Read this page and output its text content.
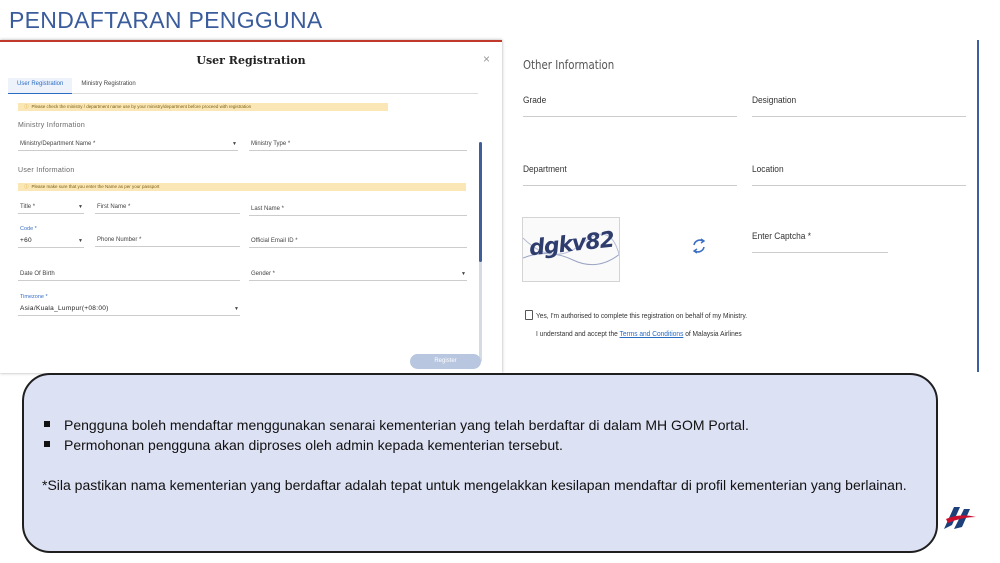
PENDAFTARAN PENGGUNA
User Registration	×
User Registration	Ministry Registration
ⓘ Please check the ministry / department name use by your ministry/department before proceed with registration
Ministry Information
Ministry/Department Name *	▼ Ministry Type *
User Information
ⓘ Please make sure that you enter the Name as per your passport
Title *	▼ First Name *	Last Name *
Code *
+60	▼ Phone Number *	Official Email ID *
Date Of Birth	Gender *	▼
Timezone *
Asia/Kuala_Lumpur(+08:00)	▼
Register
Other Information
Grade	Designation
Department	Location
dgkv82	Enter Captcha *
Yes, I'm authorised to complete this registration on behalf of my Ministry.
I understand and accept the Terms and Conditions of Malaysia Airlines
Pengguna boleh mendaftar menggunakan senarai kementerian yang telah berdaftar di dalam MH GOM Portal.
Permohonan pengguna akan diproses oleh admin kepada kementerian tersebut.
*Sila pastikan nama kementerian yang berdaftar adalah tepat untuk mengelakkan kesilapan mendaftar di profil kementerian yang berlainan.
